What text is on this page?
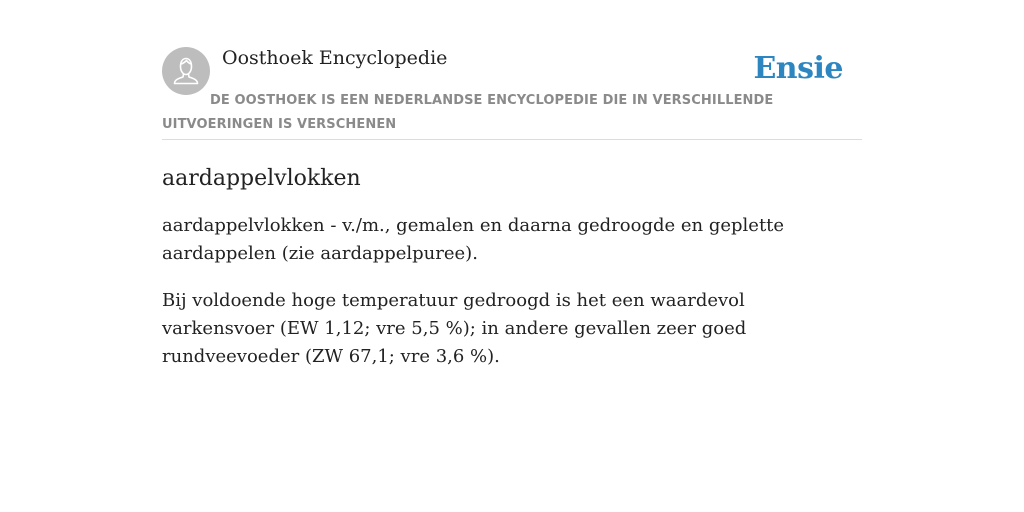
Oosthoek Encyclopedie	Ensie

DE OOSTHOEK IS EEN NEDERLANDSE ENCYCLOPEDIE DIE IN VERSCHILLENDE UITVOERINGEN IS VERSCHENEN

aardappelvlokken

aardappelvlokken - v./m., gemalen en daarna gedroogde en geplette aardappelen (zie aardappelpuree).

Bij voldoende hoge temperatuur gedroogd is het een waardevol varkensvoer (EW 1,12; vre 5,5 %); in andere gevallen zeer goed rundveevoeder (ZW 67,1; vre 3,6 %).
